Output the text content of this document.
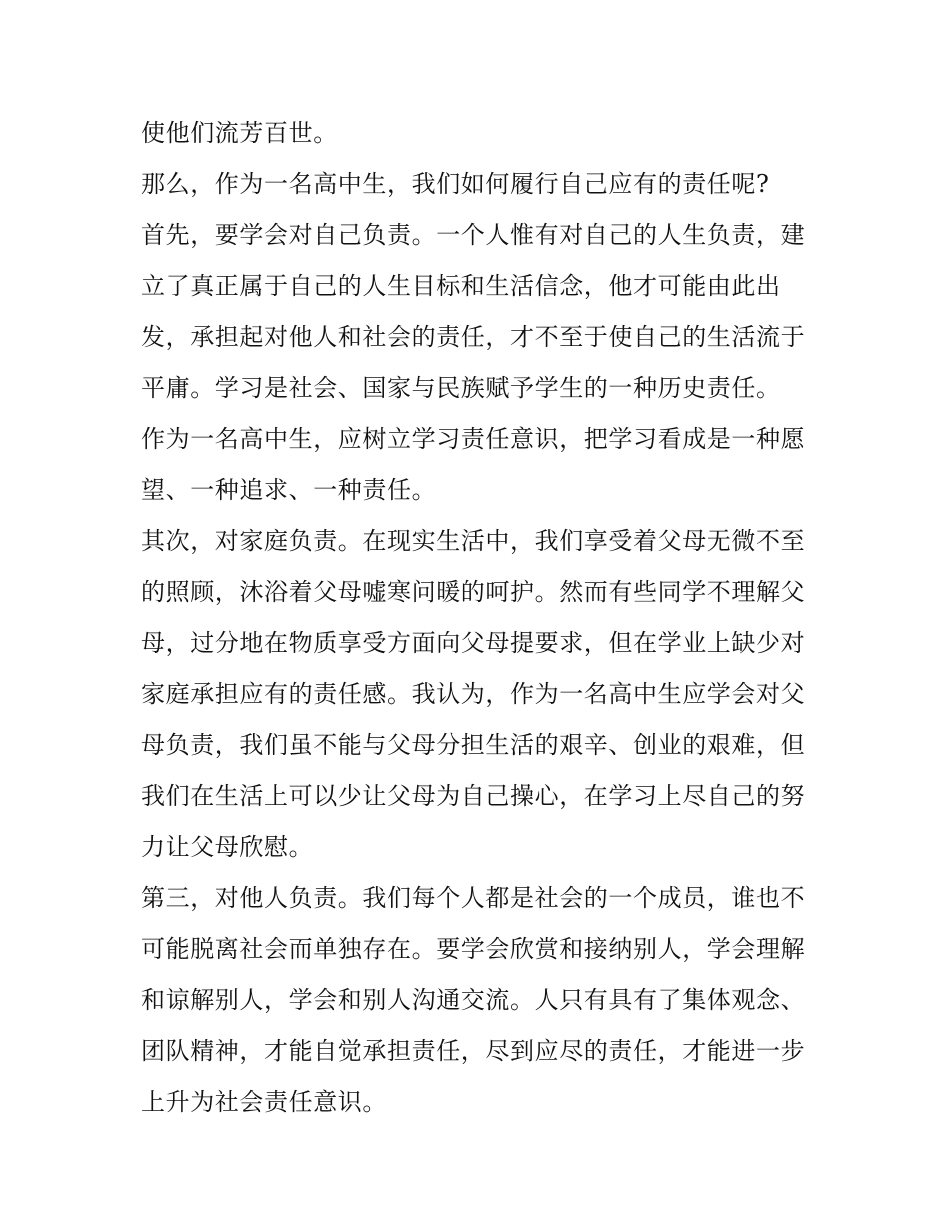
使他们流芳百世。
那么，作为一名高中生，我们如何履行自己应有的责任呢?
首先，要学会对自己负责。一个人惟有对自己的人生负责，建
立了真正属于自己的人生目标和生活信念，他才可能由此出
发，承担起对他人和社会的责任，才不至于使自己的生活流于
平庸。学习是社会、国家与民族赋予学生的一种历史责任。
作为一名高中生，应树立学习责任意识，把学习看成是一种愿
望、一种追求、一种责任。
其次，对家庭负责。在现实生活中，我们享受着父母无微不至
的照顾，沐浴着父母嘘寒问暖的呵护。然而有些同学不理解父
母，过分地在物质享受方面向父母提要求，但在学业上缺少对
家庭承担应有的责任感。我认为，作为一名高中生应学会对父
母负责，我们虽不能与父母分担生活的艰辛、创业的艰难，但
我们在生活上可以少让父母为自己操心，在学习上尽自己的努
力让父母欣慰。
第三，对他人负责。我们每个人都是社会的一个成员，谁也不
可能脱离社会而单独存在。要学会欣赏和接纳别人，学会理解
和谅解别人，学会和别人沟通交流。人只有具有了集体观念、
团队精神，才能自觉承担责任，尽到应尽的责任，才能进一步
上升为社会责任意识。
